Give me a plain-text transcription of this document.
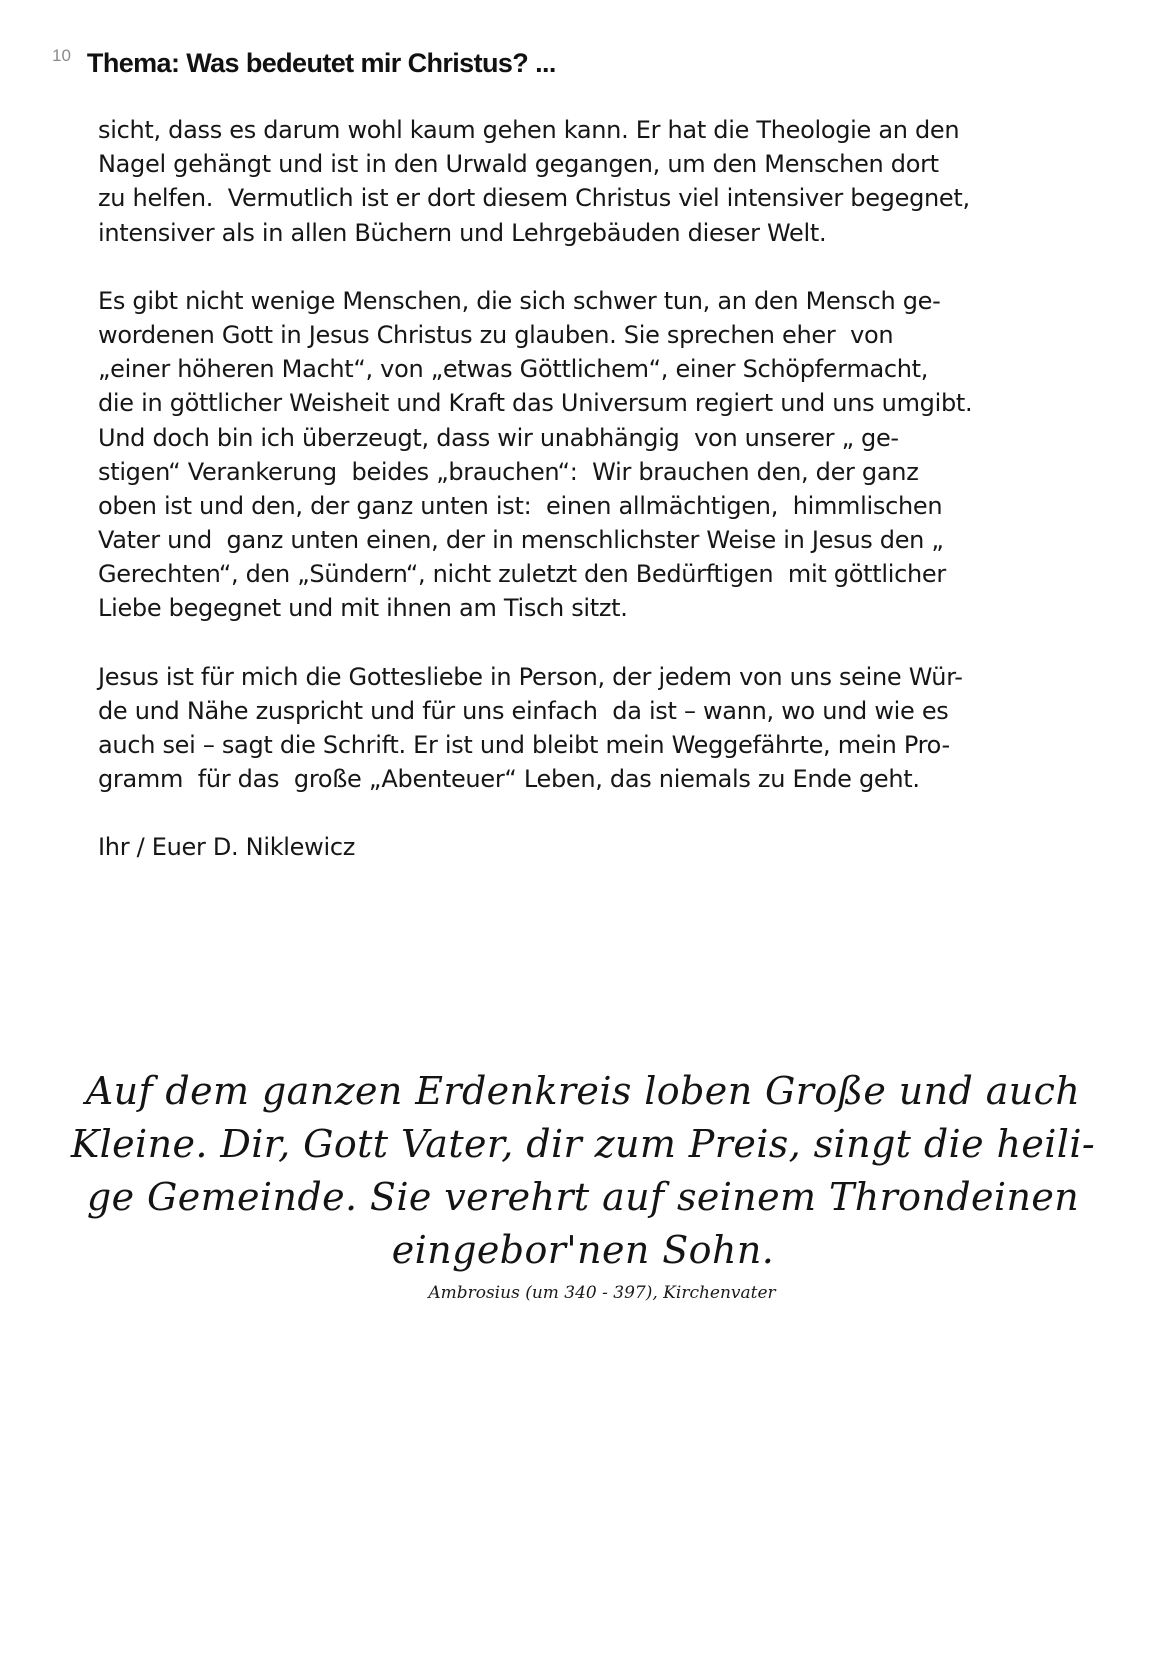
10 Thema: Was bedeutet mir Christus? ...
sicht, dass es darum wohl kaum gehen kann. Er hat die Theologie an den
Nagel gehängt und ist in den Urwald gegangen, um den Menschen dort
zu helfen.  Vermutlich ist er dort diesem Christus viel intensiver begegnet,
intensiver als in allen Büchern und Lehrgebäuden dieser Welt.
Es gibt nicht wenige Menschen, die sich schwer tun, an den Mensch ge-
wordenen Gott in Jesus Christus zu glauben. Sie sprechen eher  von
„einer höheren Macht“, von „etwas Göttlichem“, einer Schöpfermacht,
die in göttlicher Weisheit und Kraft das Universum regiert und uns umgibt.
Und doch bin ich überzeugt, dass wir unabhängig  von unserer „ ge-
stigen“ Verankerung  beides „brauchen“:  Wir brauchen den, der ganz
oben ist und den, der ganz unten ist:  einen allmächtigen,  himmlischen
Vater und  ganz unten einen, der in menschlichster Weise in Jesus den „
Gerechten“, den „Sündern“, nicht zuletzt den Bedürftigen  mit göttlicher
Liebe begegnet und mit ihnen am Tisch sitzt.
Jesus ist für mich die Gottesliebe in Person, der jedem von uns seine Wür-
de und Nähe zuspricht und für uns einfach  da ist – wann, wo und wie es
auch sei – sagt die Schrift. Er ist und bleibt mein Weggefährte, mein Pro-
gramm  für das  große „Abenteuer“ Leben, das niemals zu Ende geht.
Ihr / Euer D. Niklewicz
Auf dem ganzen Erdenkreis loben Große und auch
Kleine. Dir, Gott Vater, dir zum Preis, singt die heili-
ge Gemeinde. Sie verehrt auf seinem Throndeinen
eingebor'nen Sohn.
Ambrosius (um 340 - 397), Kirchenvater
